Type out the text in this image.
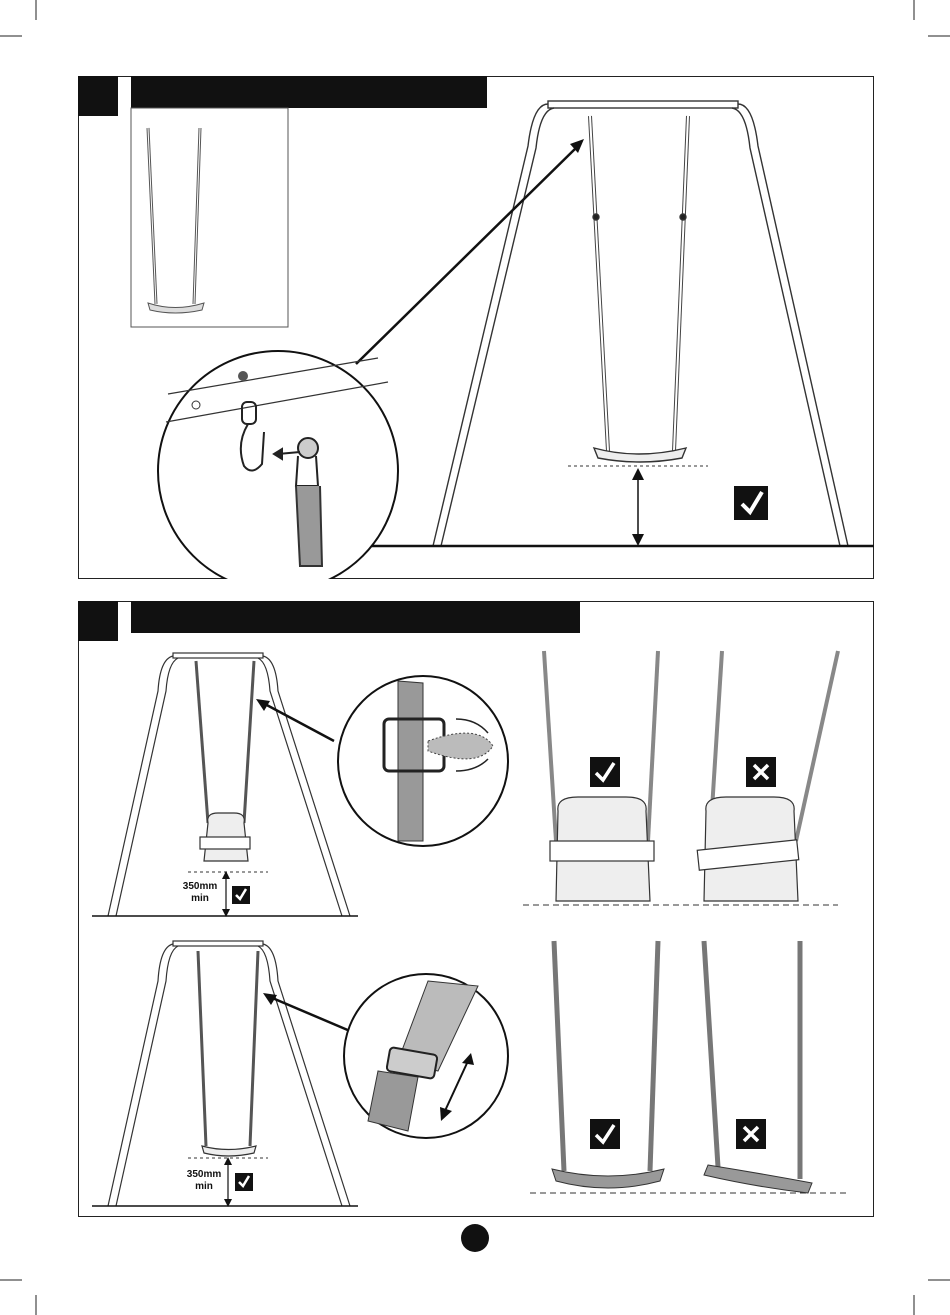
350mm
min
350mm
min
